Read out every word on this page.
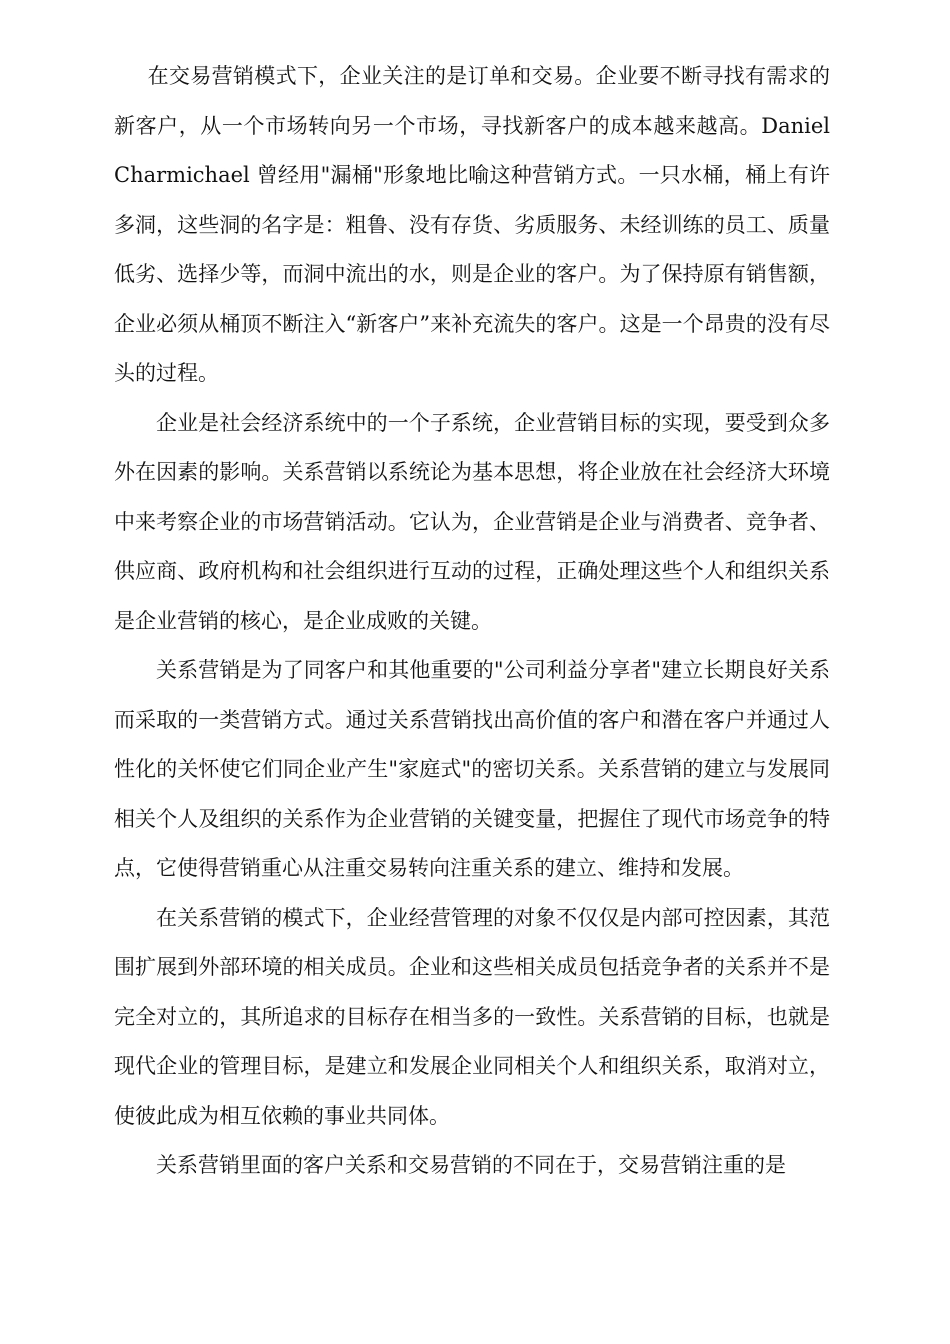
在交易营销模式下，企业关注的是订单和交易。企业要不断寻找有需求的新客户，从一个市场转向另一个市场，寻找新客户的成本越来越高。Daniel Charmichael 曾经用"漏桶"形象地比喻这种营销方式。一只水桶，桶上有许多洞，这些洞的名字是：粗鲁、没有存货、劣质服务、未经训练的员工、质量低劣、选择少等，而洞中流出的水，则是企业的客户。为了保持原有销售额，企业必须从桶顶不断注入“新客户”来补充流失的客户。这是一个昂贵的没有尽头的过程。

企业是社会经济系统中的一个子系统，企业营销目标的实现，要受到众多外在因素的影响。关系营销以系统论为基本思想，将企业放在社会经济大环境中来考察企业的市场营销活动。它认为，企业营销是企业与消费者、竞争者、供应商、政府机构和社会组织进行互动的过程，正确处理这些个人和组织关系是企业营销的核心，是企业成败的关键。

关系营销是为了同客户和其他重要的"公司利益分享者"建立长期良好关系而采取的一类营销方式。通过关系营销找出高价值的客户和潜在客户并通过人性化的关怀使它们同企业产生"家庭式"的密切关系。关系营销的建立与发展同相关个人及组织的关系作为企业营销的关键变量，把握住了现代市场竞争的特点，它使得营销重心从注重交易转向注重关系的建立、维持和发展。

在关系营销的模式下，企业经营管理的对象不仅仅是内部可控因素，其范围扩展到外部环境的相关成员。企业和这些相关成员包括竞争者的关系并不是完全对立的，其所追求的目标存在相当多的一致性。关系营销的目标，也就是现代企业的管理目标，是建立和发展企业同相关个人和组织关系，取消对立，使彼此成为相互依赖的事业共同体。

关系营销里面的客户关系和交易营销的不同在于，交易营销注重的是
